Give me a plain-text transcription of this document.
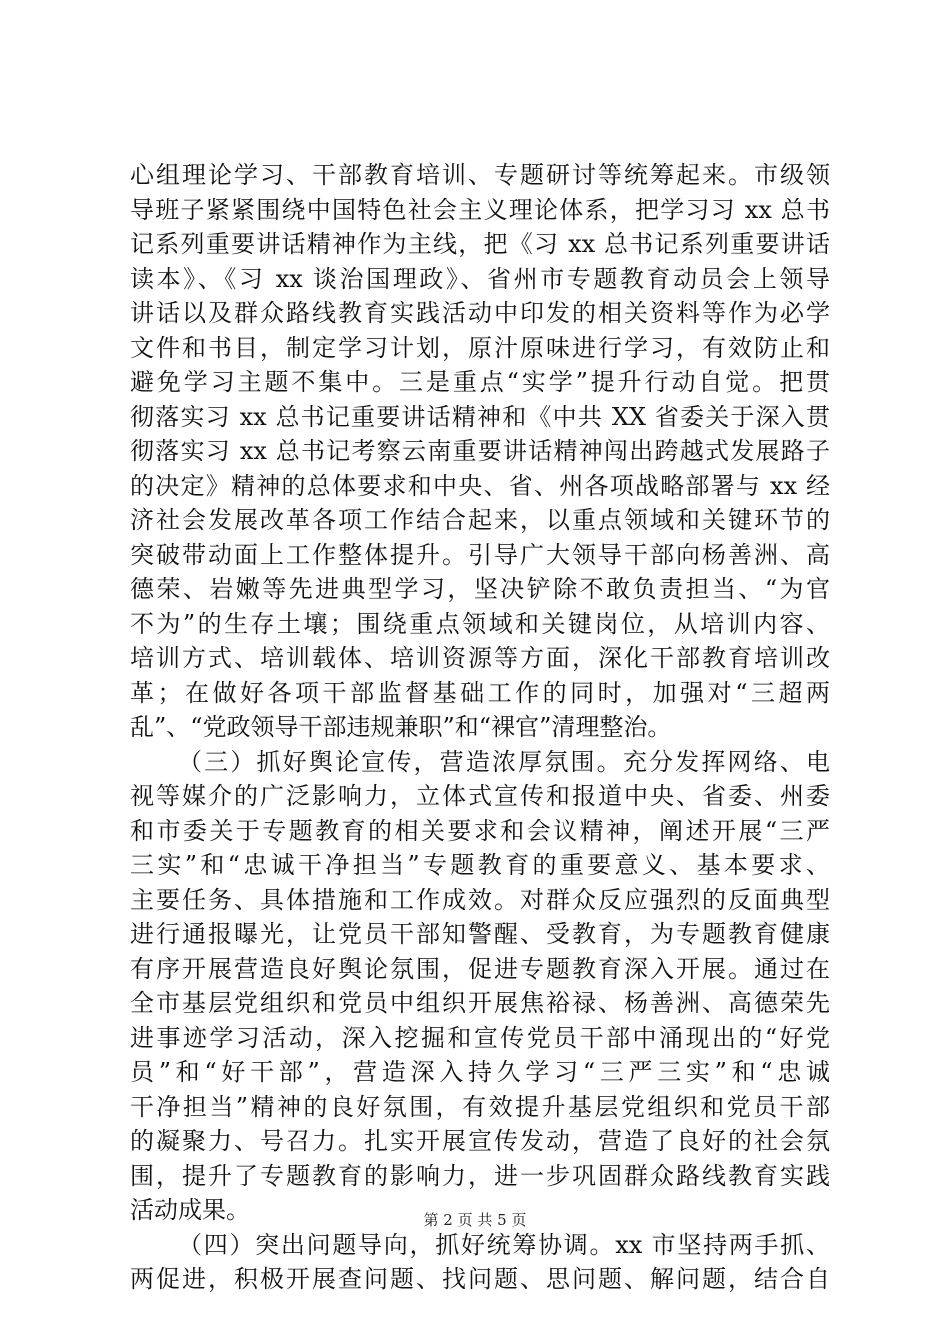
心组理论学习、干部教育培训、专题研讨等统筹起来。市级领
导班子紧紧围绕中国特色社会主义理论体系，把学习习 xx 总书
记系列重要讲话精神作为主线，把《习 xx 总书记系列重要讲话
读本》、《习 xx 谈治国理政》、省州市专题教育动员会上领导
讲话以及群众路线教育实践活动中印发的相关资料等作为必学
文件和书目，制定学习计划，原汁原味进行学习，有效防止和
避免学习主题不集中。三是重点“实学”提升行动自觉。把贯
彻落实习 xx 总书记重要讲话精神和《中共 XX 省委关于深入贯
彻落实习 xx 总书记考察云南重要讲话精神闯出跨越式发展路子
的决定》精神的总体要求和中央、省、州各项战略部署与 xx 经
济社会发展改革各项工作结合起来，以重点领域和关键环节的
突破带动面上工作整体提升。引导广大领导干部向杨善洲、高
德荣、岩嫩等先进典型学习，坚决铲除不敢负责担当、“为官
不为”的生存土壤；围绕重点领域和关键岗位，从培训内容、
培训方式、培训载体、培训资源等方面，深化干部教育培训改
革；在做好各项干部监督基础工作的同时，加强对“三超两
乱”、“党政领导干部违规兼职”和“裸官”清理整治。
（三）抓好舆论宣传，营造浓厚氛围。充分发挥网络、电
视等媒介的广泛影响力，立体式宣传和报道中央、省委、州委
和市委关于专题教育的相关要求和会议精神，阐述开展“三严
三实”和“忠诚干净担当”专题教育的重要意义、基本要求、
主要任务、具体措施和工作成效。对群众反应强烈的反面典型
进行通报曝光，让党员干部知警醒、受教育，为专题教育健康
有序开展营造良好舆论氛围，促进专题教育深入开展。通过在
全市基层党组织和党员中组织开展焦裕禄、杨善洲、高德荣先
进事迹学习活动，深入挖掘和宣传党员干部中涌现出的“好党
员”和“好干部”，营造深入持久学习“三严三实”和“忠诚
干净担当”精神的良好氛围，有效提升基层党组织和党员干部
的凝聚力、号召力。扎实开展宣传发动，营造了良好的社会氛
围，提升了专题教育的影响力，进一步巩固群众路线教育实践
活动成果。
（四）突出问题导向，抓好统筹协调。xx 市坚持两手抓、
两促进，积极开展查问题、找问题、思问题、解问题，结合自
第 2 页 共 5 页
